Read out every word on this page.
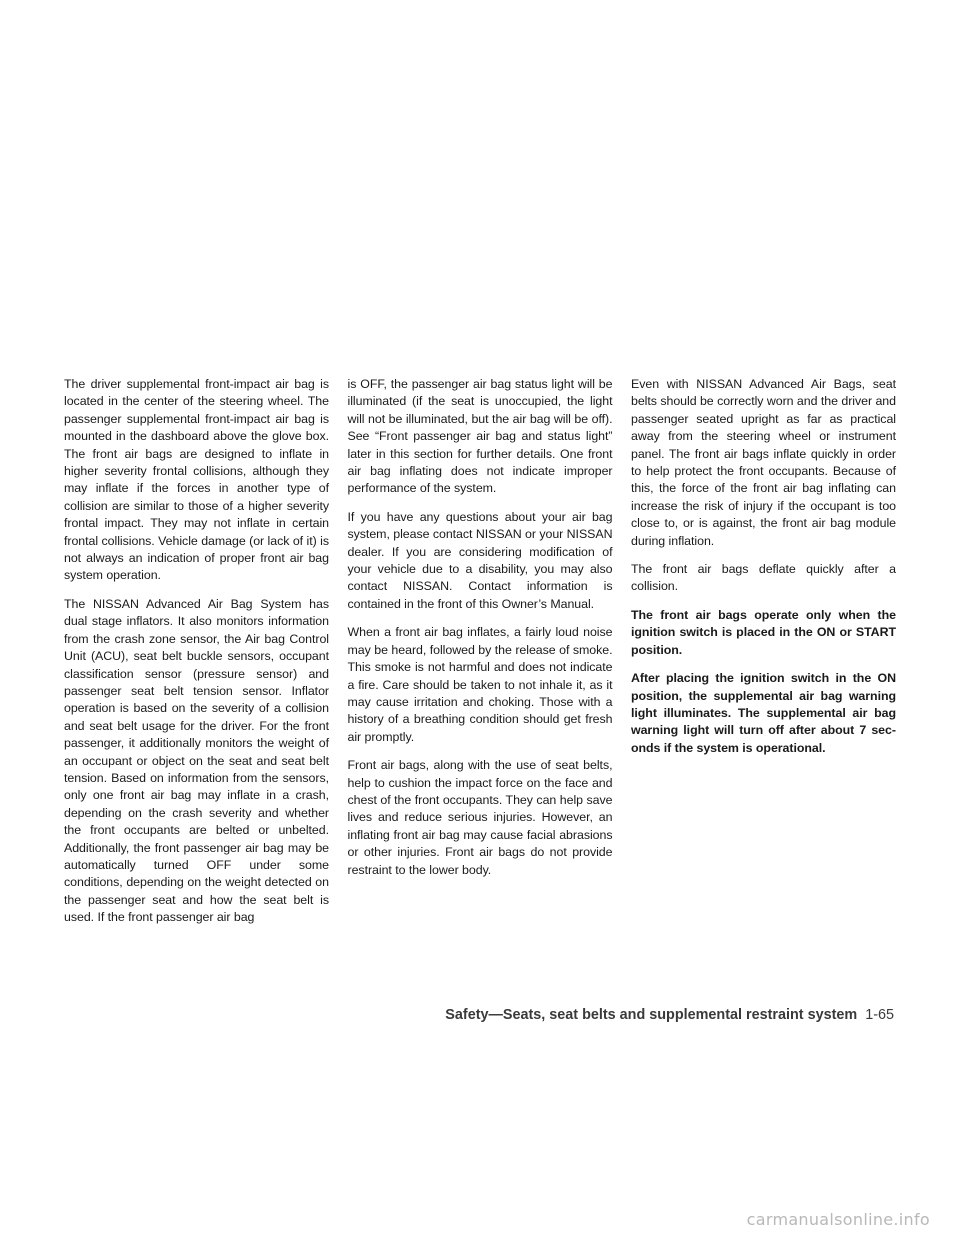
The driver supplemental front-impact air bag is located in the center of the steering wheel. The passenger supplemental front-impact air bag is mounted in the dashboard above the glove box. The front air bags are designed to inflate in higher severity frontal collisions, although they may inflate if the forces in another type of collision are similar to those of a higher severity frontal impact. They may not inflate in certain frontal collisions. Vehicle damage (or lack of it) is not always an indication of proper front air bag system operation.

The NISSAN Advanced Air Bag System has dual stage inflators. It also monitors information from the crash zone sensor, the Air bag Control Unit (ACU), seat belt buckle sensors, occupant classification sensor (pressure sensor) and passenger seat belt tension sensor. Inflator operation is based on the severity of a collision and seat belt usage for the driver. For the front passenger, it additionally monitors the weight of an occupant or object on the seat and seat belt tension. Based on information from the sensors, only one front air bag may inflate in a crash, depending on the crash severity and whether the front occupants are belted or unbelted. Additionally, the front passenger air bag may be automatically turned OFF under some conditions, depending on the weight detected on the passenger seat and how the seat belt is used. If the front passenger air bag

is OFF, the passenger air bag status light will be illuminated (if the seat is unoccupied, the light will not be illuminated, but the air bag will be off). See “Front passenger air bag and status light” later in this section for further details. One front air bag inflating does not indicate improper performance of the system.

If you have any questions about your air bag system, please contact NISSAN or your NISSAN dealer. If you are considering modification of your vehicle due to a disability, you may also contact NISSAN. Contact information is contained in the front of this Owner’s Manual.

When a front air bag inflates, a fairly loud noise may be heard, followed by the release of smoke. This smoke is not harmful and does not indicate a fire. Care should be taken to not inhale it, as it may cause irritation and choking. Those with a history of a breathing condition should get fresh air promptly.

Front air bags, along with the use of seat belts, help to cushion the impact force on the face and chest of the front occupants. They can help save lives and reduce serious injuries. However, an inflating front air bag may cause facial abrasions or other injuries. Front air bags do not provide restraint to the lower body.

Even with NISSAN Advanced Air Bags, seat belts should be correctly worn and the driver and passenger seated upright as far as practical away from the steering wheel or instrument panel. The front air bags inflate quickly in order to help protect the front occupants. Because of this, the force of the front air bag inflating can increase the risk of injury if the occupant is too close to, or is against, the front air bag module during inflation.

The front air bags deflate quickly after a collision.

The front air bags operate only when the ignition switch is placed in the ON or START position.

After placing the ignition switch in the ON position, the supplemental air bag warning light illuminates. The supplemental air bag warning light will turn off after about 7 seconds if the system is operational.

Safety—Seats, seat belts and supplemental restraint system 1-65
carmanualsonline.info
